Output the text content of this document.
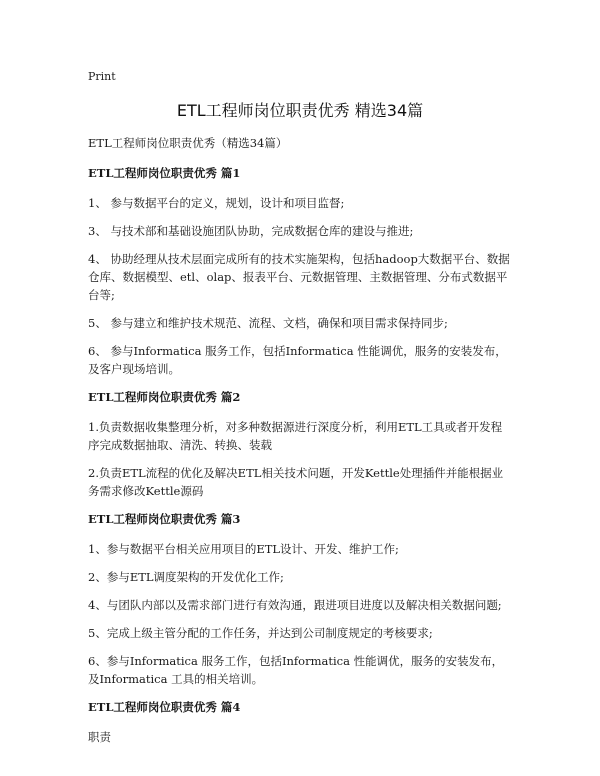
Print
ETL工程师岗位职责优秀 精选34篇

ETL工程师岗位职责优秀（精选34篇）

ETL工程师岗位职责优秀 篇1

1、 参与数据平台的定义，规划，设计和项目监督;

3、 与技术部和基础设施团队协助，完成数据仓库的建设与推进;

4、 协助经理从技术层面完成所有的技术实施架构，包括hadoop大数据平台、数据仓库、数据模型、etl、olap、报表平台、元数据管理、主数据管理、分布式数据平台等;

5、 参与建立和维护技术规范、流程、文档，确保和项目需求保持同步;

6、 参与Informatica 服务工作，包括Informatica 性能调优，服务的安装发布，及客户现场培训。

ETL工程师岗位职责优秀 篇2

1.负责数据收集整理分析，对多种数据源进行深度分析，利用ETL工具或者开发程序完成数据抽取、清洗、转换、装载

2.负责ETL流程的优化及解决ETL相关技术问题，开发Kettle处理插件并能根据业务需求修改Kettle源码

ETL工程师岗位职责优秀 篇3

1、参与数据平台相关应用项目的ETL设计、开发、维护工作;

2、参与ETL调度架构的开发优化工作;

4、与团队内部以及需求部门进行有效沟通，跟进项目进度以及解决相关数据问题;

5、完成上级主管分配的工作任务，并达到公司制度规定的考核要求;

6、参与Informatica 服务工作，包括Informatica 性能调优，服务的安装发布，及Informatica 工具的相关培训。

ETL工程师岗位职责优秀 篇4

职责
